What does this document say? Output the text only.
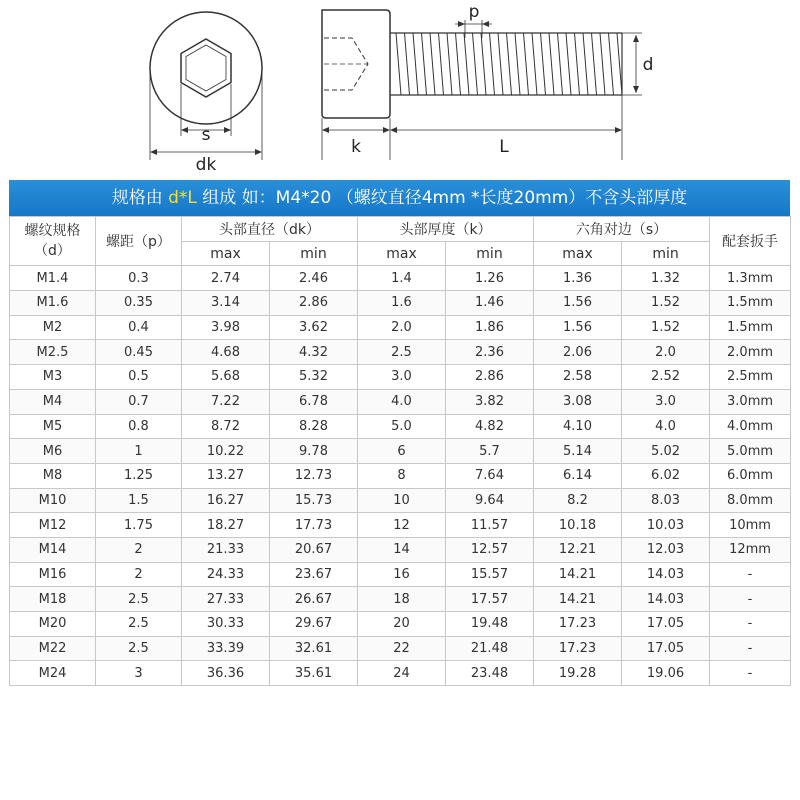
s
dk
p
d
k	L
规格由 d*L 组成 如：M4*20 （螺纹直径4mm *长度20mm）不含头部厚度
螺纹规格（d）	螺距（p）	头部直径（dk）		头部厚度（k）		六角对边（s）		配套扳手
		max	min	max	min	max	min	
M1.4	0.3	2.74	2.46	1.4	1.26	1.36	1.32	1.3mm
M1.6	0.35	3.14	2.86	1.6	1.46	1.56	1.52	1.5mm
M2	0.4	3.98	3.62	2.0	1.86	1.56	1.52	1.5mm
M2.5	0.45	4.68	4.32	2.5	2.36	2.06	2.0	2.0mm
M3	0.5	5.68	5.32	3.0	2.86	2.58	2.52	2.5mm
M4	0.7	7.22	6.78	4.0	3.82	3.08	3.0	3.0mm
M5	0.8	8.72	8.28	5.0	4.82	4.10	4.0	4.0mm
M6	1	10.22	9.78	6	5.7	5.14	5.02	5.0mm
M8	1.25	13.27	12.73	8	7.64	6.14	6.02	6.0mm
M10	1.5	16.27	15.73	10	9.64	8.2	8.03	8.0mm
M12	1.75	18.27	17.73	12	11.57	10.18	10.03	10mm
M14	2	21.33	20.67	14	12.57	12.21	12.03	12mm
M16	2	24.33	23.67	16	15.57	14.21	14.03	-
M18	2.5	27.33	26.67	18	17.57	14.21	14.03	-
M20	2.5	30.33	29.67	20	19.48	17.23	17.05	-
M22	2.5	33.39	32.61	22	21.48	17.23	17.05	-
M24	3	36.36	35.61	24	23.48	19.28	19.06	-
